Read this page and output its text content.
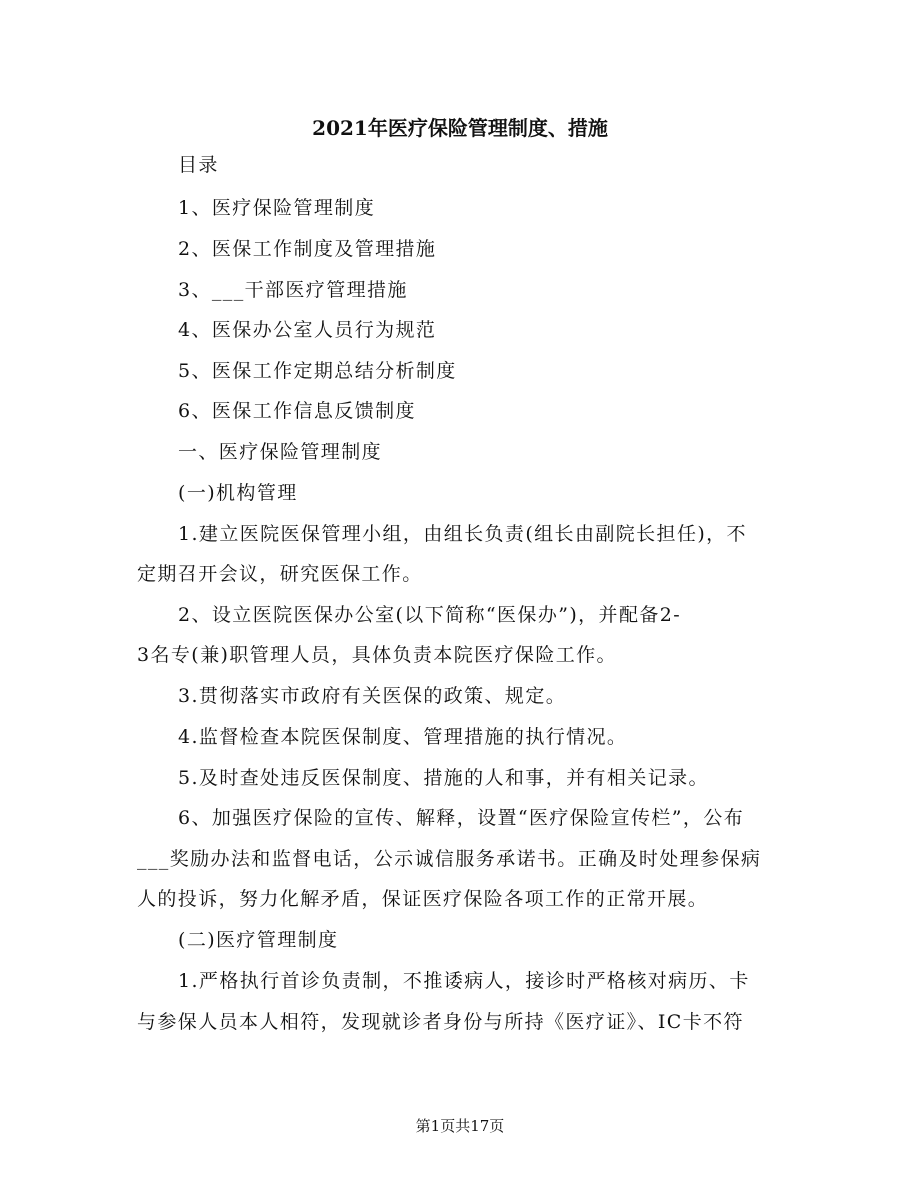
2021年医疗保险管理制度、措施
目录
1、医疗保险管理制度
2、医保工作制度及管理措施
3、___干部医疗管理措施
4、医保办公室人员行为规范
5、医保工作定期总结分析制度
6、医保工作信息反馈制度
一、医疗保险管理制度
(一)机构管理
1.建立医院医保管理小组，由组长负责(组长由副院长担任)，不
定期召开会议，研究医保工作。
2、设立医院医保办公室(以下简称“医保办”)，并配备2-
3名专(兼)职管理人员，具体负责本院医疗保险工作。
3.贯彻落实市政府有关医保的政策、规定。
4.监督检查本院医保制度、管理措施的执行情况。
5.及时查处违反医保制度、措施的人和事，并有相关记录。
6、加强医疗保险的宣传、解释，设置“医疗保险宣传栏”，公布
___奖励办法和监督电话，公示诚信服务承诺书。正确及时处理参保病
人的投诉，努力化解矛盾，保证医疗保险各项工作的正常开展。
(二)医疗管理制度
1.严格执行首诊负责制，不推诿病人，接诊时严格核对病历、卡
与参保人员本人相符，发现就诊者身份与所持《医疗证》、IC卡不符
第1页共17页
